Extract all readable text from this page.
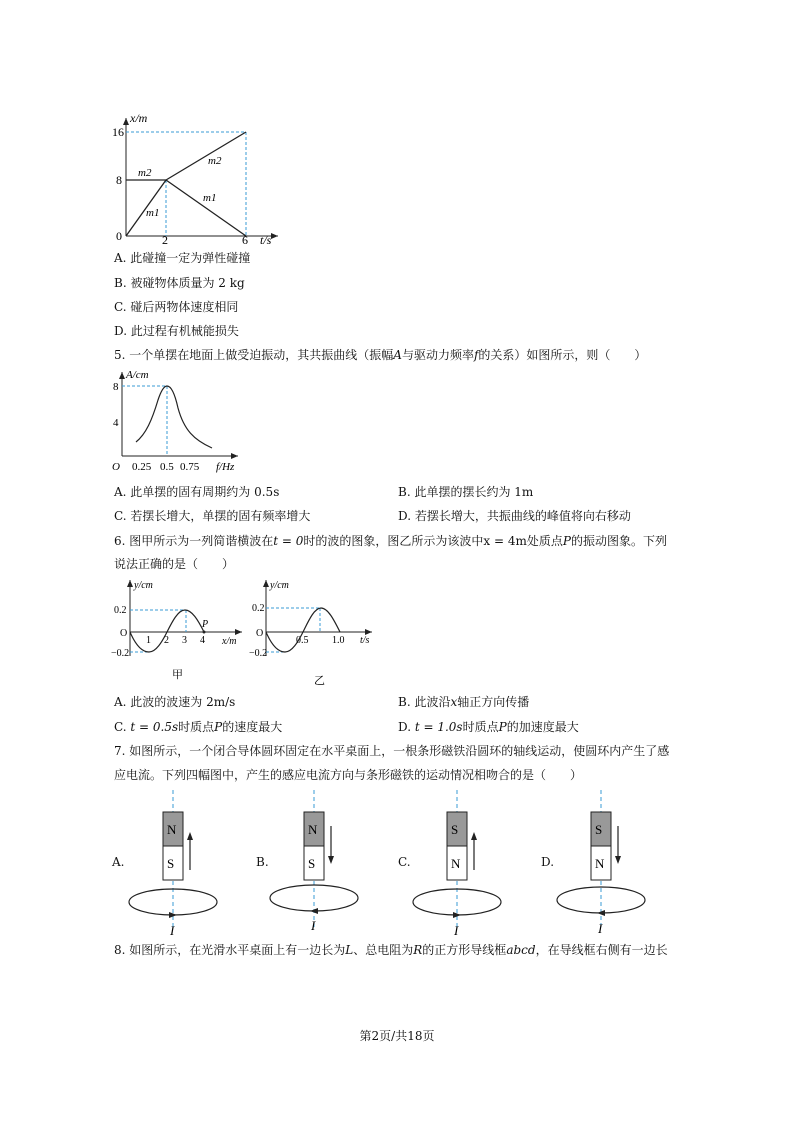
x/m
16
8
0	2	6 t/s
m2
m2
m1
m1
A. 此碰撞一定为弹性碰撞
B. 被碰物体质量为 2 kg
C. 碰后两物体速度相同
D. 此过程有机械能损失
5. 一个单摆在地面上做受迫振动，其共振曲线（振幅A与驱动力频率f的关系）如图所示，则（　　）
A/cm
8
4
O 0.25 0.5 0.75 f/Hz
A. 此单摆的固有周期约为 0.5s	B. 此单摆的摆长约为 1m
C. 若摆长增大，单摆的固有频率增大	D. 若摆长增大，共振曲线的峰值将向右移动
6. 图甲所示为一列简谐横波在t = 0时的波的图象，图乙所示为该波中x = 4m处质点P的振动图象。下列
说法正确的是（　　）
y/cm
0.2
O
−0.2
1 2 3 4
P
x/m
甲
y/cm
0.2
O
−0.2
0.5 1.0 t/s
乙
A. 此波的波速为 2m/s	B. 此波沿x轴正方向传播
C. t = 0.5s时质点P的速度最大	D. t = 1.0s时质点P的加速度最大
7. 如图所示，一个闭合导体圆环固定在水平桌面上，一根条形磁铁沿圆环的轴线运动，使圆环内产生了感
应电流。下列四幅图中，产生的感应电流方向与条形磁铁的运动情况相吻合的是（　　）
A.
N
S
I
B.
N
S
I
C.
S
N
I
D.
S
N
I
8. 如图所示，在光滑水平桌面上有一边长为L、总电阻为R的正方形导线框abcd，在导线框右侧有一边长
第2页/共18页
